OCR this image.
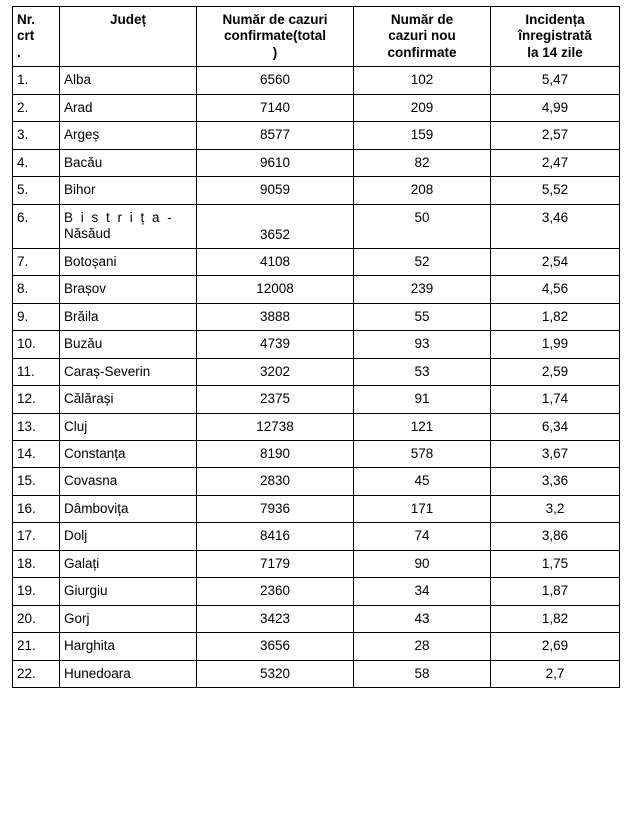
Nr.
crt
.	Județ	Număr de cazuri
confirmate(total
)	Număr de
cazuri nou
confirmate	Incidența
înregistrată
la 14 zile

1.	Alba	6560	102	5,47
2.	Arad	7140	209	4,99
3.	Argeș	8577	159	2,57
4.	Bacău	9610	82	2,47
5.	Bihor	9059	208	5,52
6.	B i s t r i ț a -
Năsăud	3652	50	3,46
7.	Botoșani	4108	52	2,54
8.	Brașov	12008	239	4,56
9.	Brăila	3888	55	1,82
10.	Buzău	4739	93	1,99
11.	Caraș-Severin	3202	53	2,59
12.	Călărași	2375	91	1,74
13.	Cluj	12738	121	6,34
14.	Constanța	8190	578	3,67
15.	Covasna	2830	45	3,36
16.	Dâmbovița	7936	171	3,2
17.	Dolj	8416	74	3,86
18.	Galați	7179	90	1,75
19.	Giurgiu	2360	34	1,87
20.	Gorj	3423	43	1,82
21.	Harghita	3656	28	2,69
22.	Hunedoara	5320	58	2,7
